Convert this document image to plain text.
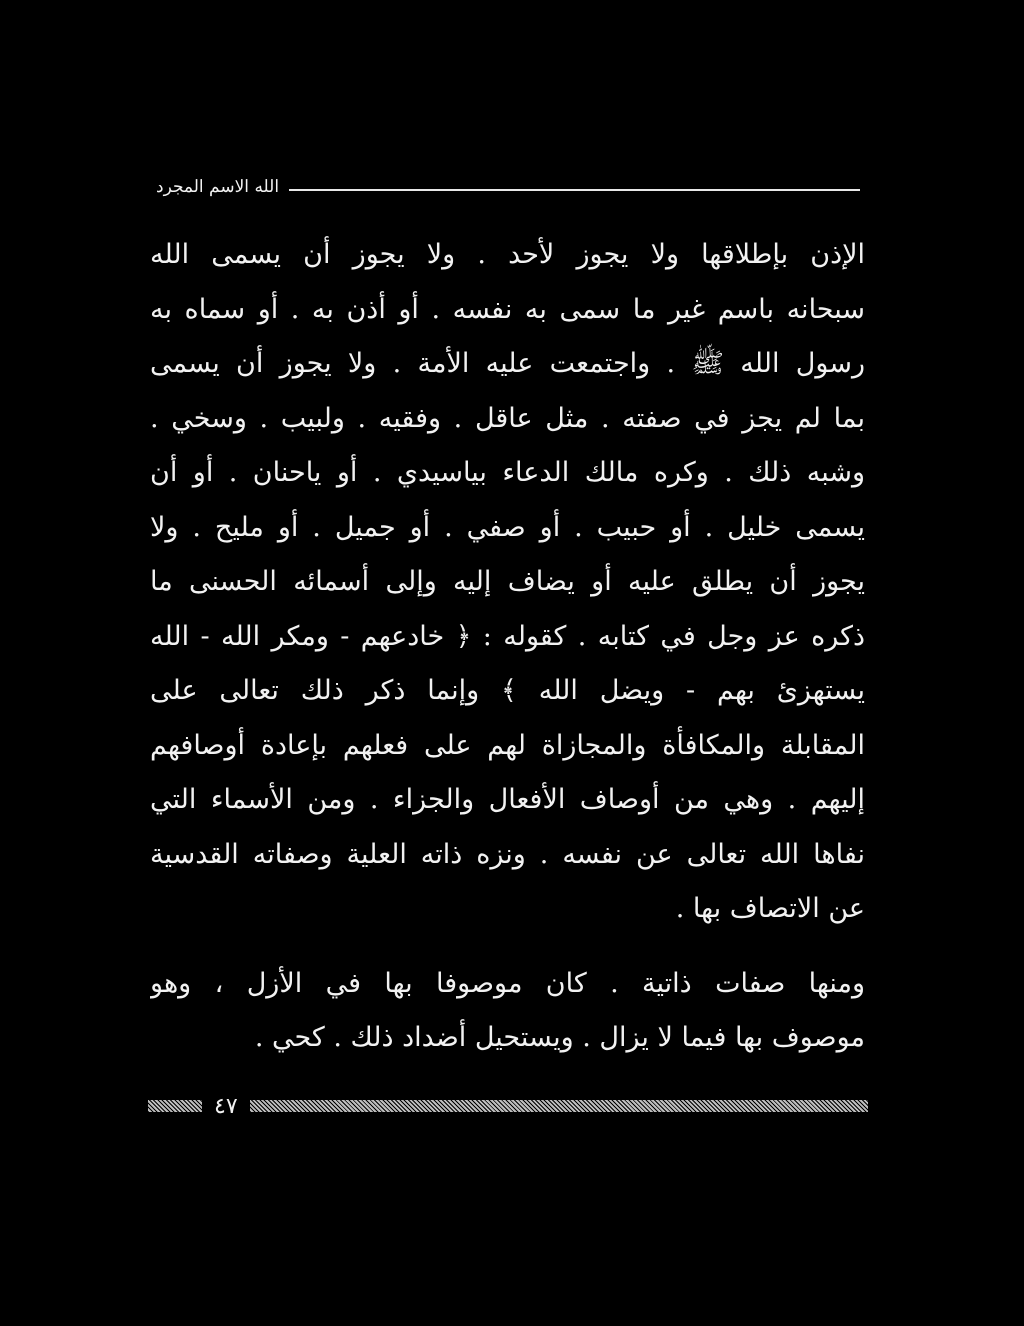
الله الاسم المجرد
الإذن بإطلاقها ولا يجوز لأحد . ولا يجوز أن يسمى الله
سبحانه باسم غير ما سمى به نفسه . أو أذن به . أو سماه به
رسول الله ﷺ . واجتمعت عليه الأمة . ولا يجوز أن يسمى
بما لم يجز في صفته . مثل عاقل . وفقيه . ولبيب . وسخي .
وشبه ذلك . وكره مالك الدعاء بياسيدي . أو ياحنان . أو أن
يسمى خليل . أو حبيب . أو صفي . أو جميل . أو مليح . ولا
يجوز أن يطلق عليه أو يضاف إليه وإلى أسمائه الحسنى ما
ذكره عز وجل في كتابه . كقوله : ﴿ خادعهم - ومكر الله - الله
يستهزئ بهم - ويضل الله ﴾ وإنما ذكر ذلك تعالى على
المقابلة والمكافأة والمجازاة لهم على فعلهم بإعادة أوصافهم
إليهم . وهي من أوصاف الأفعال والجزاء . ومن الأسماء التي
نفاها الله تعالى عن نفسه . ونزه ذاته العلية وصفاته القدسية
عن الاتصاف بها .
ومنها صفات ذاتية . كان موصوفا بها في الأزل ، وهو
موصوف بها فيما لا يزال . ويستحيل أضداد ذلك . كحي .
٤٧
